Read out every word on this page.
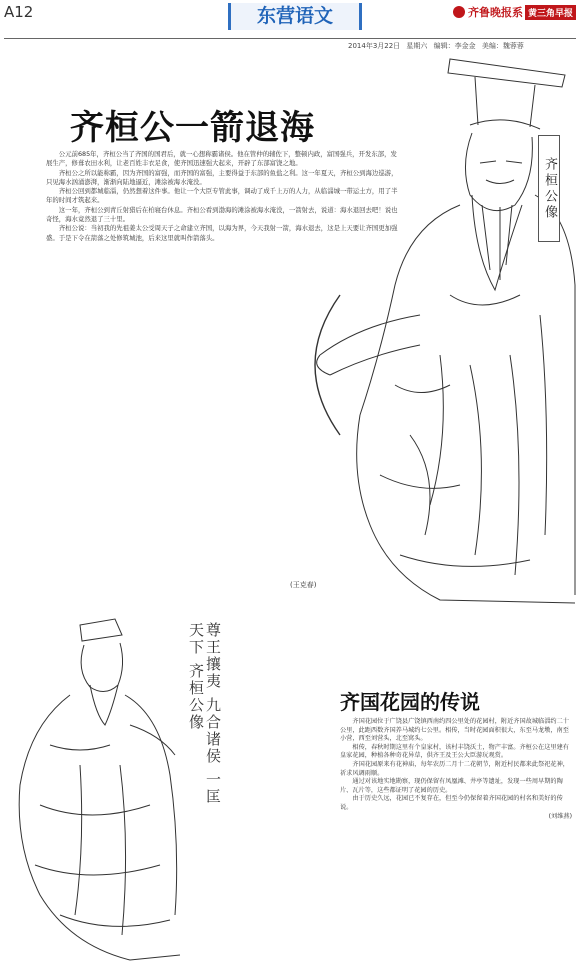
A12	东营语文	齐鲁晚报 系 黄三角早报
2014年3月22日 星期六 编辑：李金金 美编：魏蓉蓉
齐桓公像
齐桓公一箭退海

公元前685年，齐桓公当了齐国的国君后，就一心想称霸诸侯。他在管仲的辅佐下，整顿内政，富国强兵，开发东部，发展生产，修葺农田水利，让老百姓丰衣足食，使齐国迅速强大起来，开辟了东部富饶之地。

齐桓公之所以能称霸，因为齐国的富强，而齐国的富强，主要得益于东部的鱼盐之利。这一年夏天，齐桓公到海边巡游，只见海水汹涌澎湃，渐渐向陆地逼近，滩涂被海水淹没。

齐桓公回到都城临淄，仍然想着这件事。他让一个大臣专管此事，调动了成千上万的人力，从临淄城一带运土方，用了半年的时间才筑起来。

这一年，齐桓公到青丘射猎后在柏寝台休息。齐桓公看到渤海的滩涂被海水淹没，一箭射去，说道：海水退回去吧！说也奇怪，海水竟然退了三十里。

齐桓公说：当初我的先祖姜太公受周天子之命建立齐国，以海为界，今天我射一箭，海水退去，这是上天要让齐国更加强盛。于是下令在箭落之处修筑城池，后来这里就叫作箭落头。

(王克春)
尊王攘夷 九合诸侯 一匡天下 齐桓公像	齐国花园的传说

齐国花园位于广饶县广饶镇西南约四公里处的花园村，附近齐国故城临淄约二十公里，此距西数齐国养马城约七公里。相传，当时花园面积很大，东至马龙墩，南至小营，西至刘营头，北至窝头。

相传，春秋时期这里有个皇家村，该村丰饶沃土，物产丰富。齐桓公在这里建有皇家花园，种植各种奇花异草，供齐王及王公大臣游玩观赏。

齐国花园原来有花神庙，每年农历二月十二花朝节，附近村民都来此祭祀花神，祈求风调雨顺。

通过对该地实地勘察，现仍保留有凤凰滩、井亭等遗址，发现一些周早期的陶片、瓦片等，这些都证明了花园的历史。

由于历史久远，花园已不复存在，但至今仍保留着齐国花园的村名和美好的传说。

(刘维燕)
